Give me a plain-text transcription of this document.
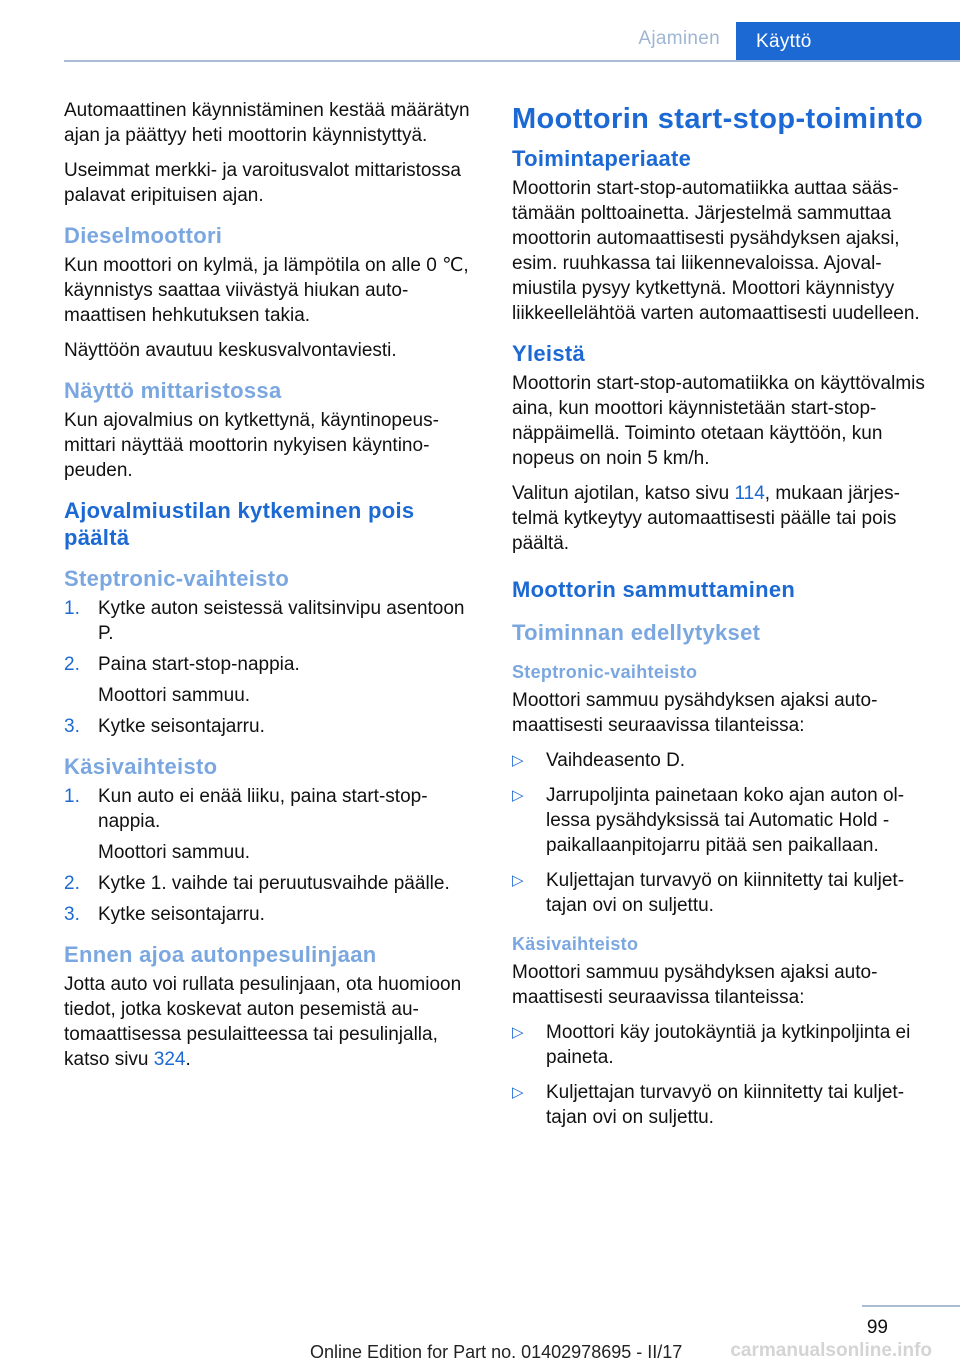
Ajaminen	Käyttö

Automaattinen käynnistäminen kestää määrätyn ajan ja päättyy heti moottorin käynnistyttyä.

Useimmat merkki- ja varoitusvalot mittaristossa palavat eripituisen ajan.

Dieselmoottori

Kun moottori on kylmä, ja lämpötila on alle 0 ℃, käynnistys saattaa viivästyä hiukan automaattisen hehkutuksen takia.

Näyttöön avautuu keskusvalvontaviesti.

Näyttö mittaristossa

Kun ajovalmius on kytkettynä, käyntinopeusmittari näyttää moottorin nykyisen käyntinopeuden.

Ajovalmiustilan kytkeminen pois päältä
Steptronic-vaihteisto
1. Kytke auton seistessä valitsinvipu asentoon P.
2. Paina start-stop-nappia.
Moottori sammuu.
3. Kytke seisontajarru.
Käsivaihteisto
1. Kun auto ei enää liiku, paina start-stop-nappia.
Moottori sammuu.
2. Kytke 1. vaihde tai peruutusvaihde päälle.
3. Kytke seisontajarru.
Ennen ajoa autonpesulinjaan

Jotta auto voi rullata pesulinjaan, ota huomioon tiedot, jotka koskevat auton pesemistä automaattisessa pesulaitteessa tai pesulinjalla, katso sivu 324.

Moottorin start-stop-toiminto
Toimintaperiaate

Moottorin start-stop-automatiikka auttaa säästämään polttoainetta. Järjestelmä sammuttaa moottorin automaattisesti pysähdyksen ajaksi, esim. ruuhkassa tai liikennevaloissa. Ajovalmiustila pysyy kytkettynä. Moottori käynnistyy liikkeellelähtöä varten automaattisesti uudelleen.

Yleistä

Moottorin start-stop-automatiikka on käyttövalmis aina, kun moottori käynnistetään start-stop-näppäimellä. Toiminto otetaan käyttöön, kun nopeus on noin 5 km/h.

Valitun ajotilan, katso sivu 114, mukaan järjestelmä kytkeytyy automaattisesti päälle tai pois päältä.

Moottorin sammuttaminen
Toiminnan edellytykset
Steptronic-vaihteisto

Moottori sammuu pysähdyksen ajaksi automaattisesti seuraavissa tilanteissa:

▷	Vaihdeasento D.
▷	Jarrupoljinta painetaan koko ajan auton ollessa pysähdyksissä tai Automatic Hold -paikallaanpitojarru pitää sen paikallaan.
▷	Kuljettajan turvavyö on kiinnitetty tai kuljettajan ovi on suljettu.
Käsivaihteisto

Moottori sammuu pysähdyksen ajaksi automaattisesti seuraavissa tilanteissa:

▷	Moottori käy joutokäyntiä ja kytkinpoljinta ei paineta.
▷	Kuljettajan turvavyö on kiinnitetty tai kuljettajan ovi on suljettu.
99
Online Edition for Part no. 01402978695 - II/17	carmanualsonline.info
